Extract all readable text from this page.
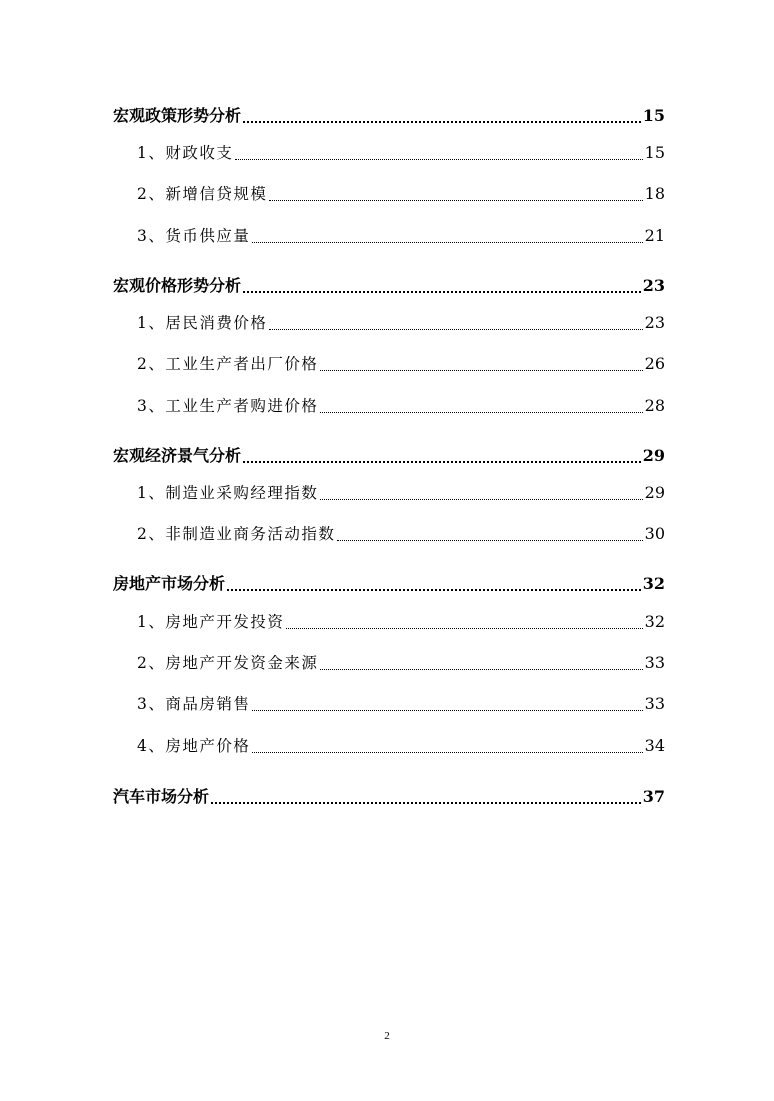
宏观政策形势分析	15
1、财政收支	15
2、新增信贷规模	18
3、货币供应量	21
宏观价格形势分析	23
1、居民消费价格	23
2、工业生产者出厂价格	26
3、工业生产者购进价格	28
宏观经济景气分析	29
1、制造业采购经理指数	29
2、非制造业商务活动指数	30
房地产市场分析	32
1、房地产开发投资	32
2、房地产开发资金来源	33
3、商品房销售	33
4、房地产价格	34
汽车市场分析	37
2
